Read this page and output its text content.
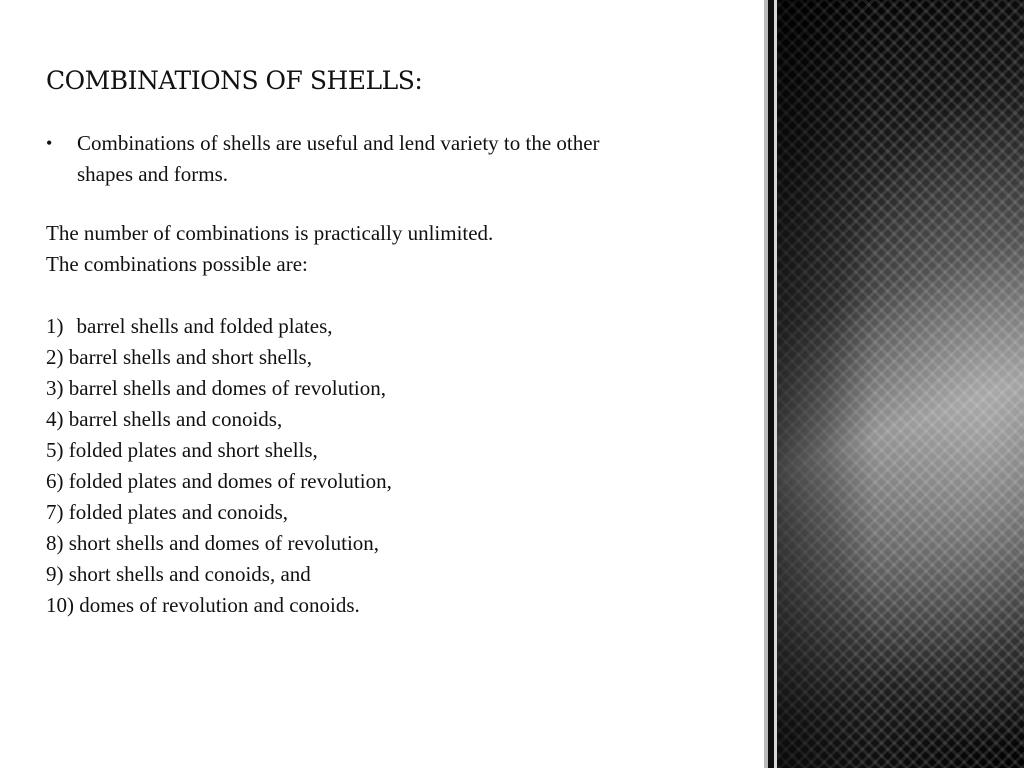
COMBINATIONS OF SHELLS:
•	Combinations of shells are useful and lend variety to the other
shapes and forms.
The number of combinations is practically unlimited.
The combinations possible are:
1) barrel shells and folded plates,
2) barrel shells and short shells,
3) barrel shells and domes of revolution,
4) barrel shells and conoids,
5) folded plates and short shells,
6) folded plates and domes of revolution,
7) folded plates and conoids,
8) short shells and domes of revolution,
9) short shells and conoids, and
10) domes of revolution and conoids.
